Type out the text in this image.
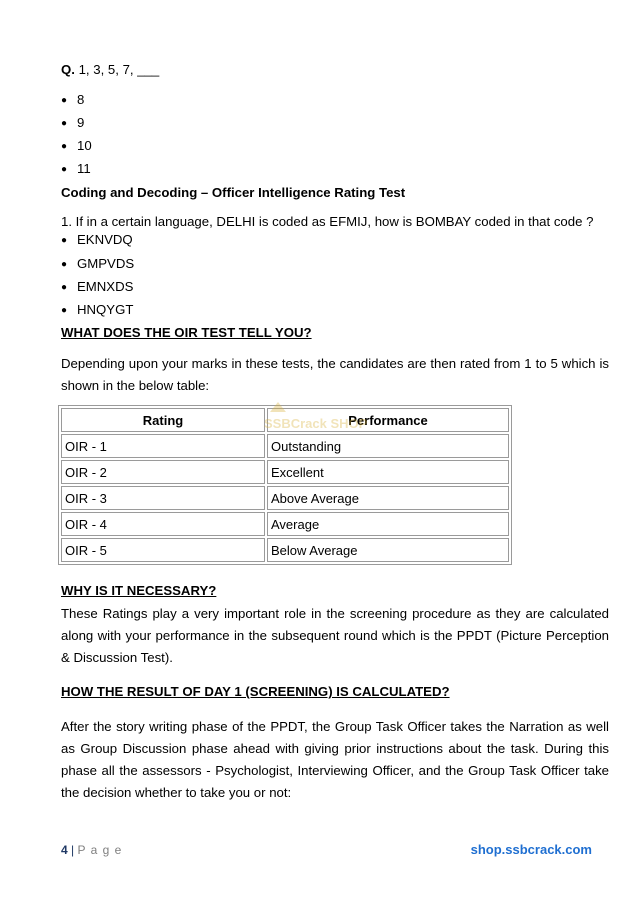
Q. 1, 3, 5, 7, ___
● 8
● 9
● 10
● 11
Coding and Decoding – Officer Intelligence Rating Test
1. If in a certain language, DELHI is coded as EFMIJ, how is BOMBAY coded in that code ?
● EKNVDQ
● GMPVDS
● EMNXDS
● HNQYGT
WHAT DOES THE OIR TEST TELL YOU?
Depending upon your marks in these tests, the candidates are then rated from 1 to 5 which is shown in the below table:
Rating	Performance
OIR - 1	Outstanding
OIR - 2	Excellent
OIR - 3	Above Average
OIR - 4	Average
OIR - 5	Below Average
SSBCrack SHOP
WHY IS IT NECESSARY?
These Ratings play a very important role in the screening procedure as they are calculated along with your performance in the subsequent round which is the PPDT (Picture Perception & Discussion Test).
HOW THE RESULT OF DAY 1 (SCREENING) IS CALCULATED?
After the story writing phase of the PPDT, the Group Task Officer takes the Narration as well as Group Discussion phase ahead with giving prior instructions about the task. During this phase all the assessors - Psychologist, Interviewing Officer, and the Group Task Officer take the decision whether to take you or not:
4 | P a g e	shop.ssbcrack.com
